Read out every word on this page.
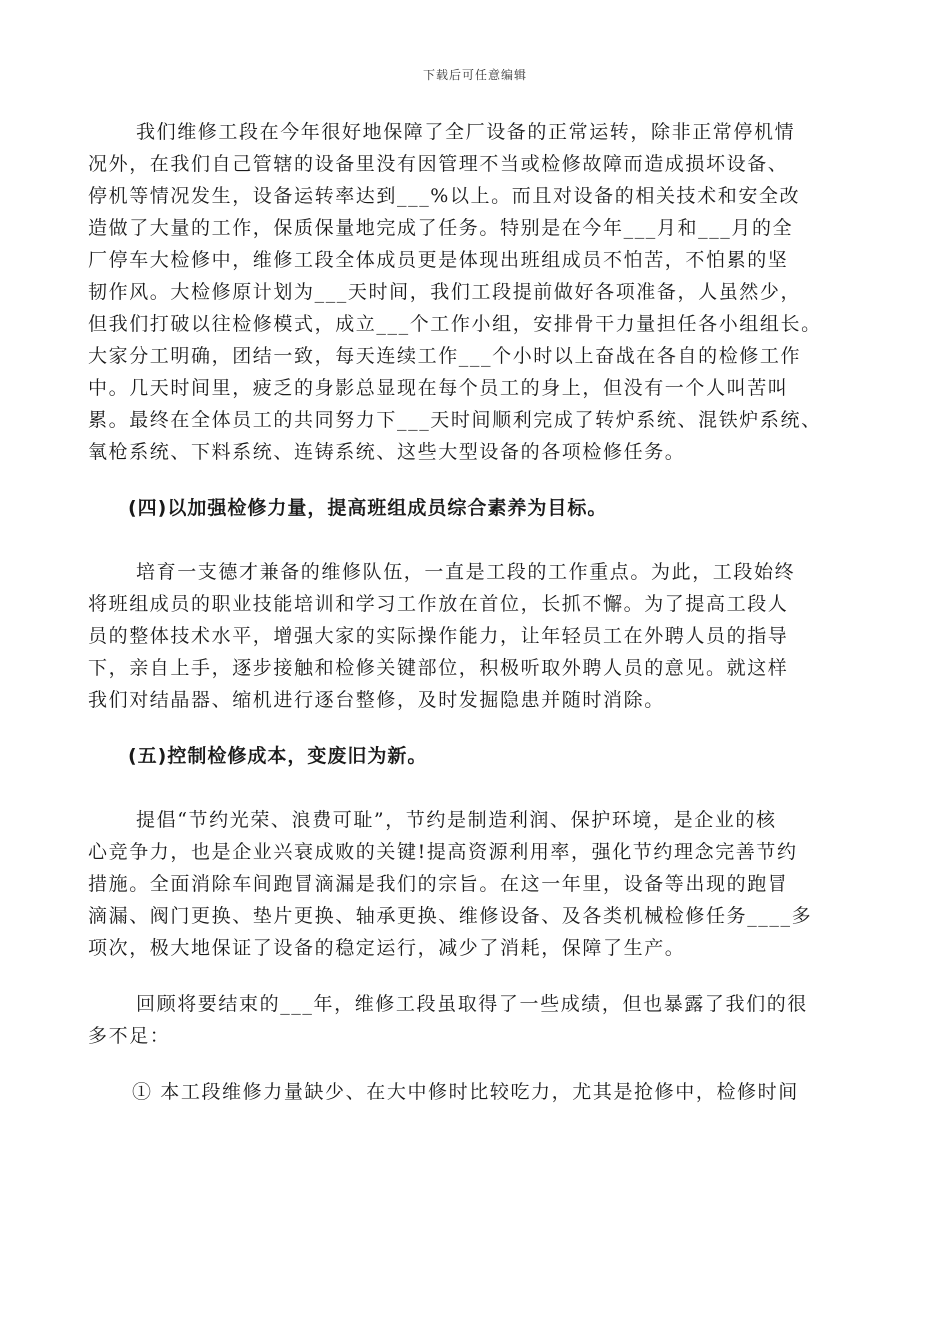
下载后可任意编辑
我们维修工段在今年很好地保障了全厂设备的正常运转，除非正常停机情
况外，在我们自己管辖的设备里没有因管理不当或检修故障而造成损坏设备、
停机等情况发生，设备运转率达到___%以上。而且对设备的相关技术和安全改
造做了大量的工作，保质保量地完成了任务。特别是在今年___月和___月的全
厂停车大检修中，维修工段全体成员更是体现出班组成员不怕苦，不怕累的坚
韧作风。大检修原计划为___天时间，我们工段提前做好各项准备，人虽然少，
但我们打破以往检修模式，成立___个工作小组，安排骨干力量担任各小组组长。
大家分工明确，团结一致，每天连续工作___个小时以上奋战在各自的检修工作
中。几天时间里，疲乏的身影总显现在每个员工的身上，但没有一个人叫苦叫
累。最终在全体员工的共同努力下___天时间顺利完成了转炉系统、混铁炉系统、
氧枪系统、下料系统、连铸系统、这些大型设备的各项检修任务。
(四)以加强检修力量，提高班组成员综合素养为目标。
培育一支德才兼备的维修队伍，一直是工段的工作重点。为此，工段始终
将班组成员的职业技能培训和学习工作放在首位，长抓不懈。为了提高工段人
员的整体技术水平，增强大家的实际操作能力，让年轻员工在外聘人员的指导
下，亲自上手，逐步接触和检修关键部位，积极听取外聘人员的意见。就这样
我们对结晶器、缩机进行逐台整修，及时发掘隐患并随时消除。
(五)控制检修成本，变废旧为新。
提倡“节约光荣、浪费可耻”，节约是制造利润、保护环境，是企业的核
心竞争力，也是企业兴衰成败的关键!提高资源利用率，强化节约理念完善节约
措施。全面消除车间跑冒滴漏是我们的宗旨。在这一年里，设备等出现的跑冒
滴漏、阀门更换、垫片更换、轴承更换、维修设备、及各类机械检修任务____多
项次，极大地保证了设备的稳定运行，减少了消耗，保障了生产。
回顾将要结束的___年，维修工段虽取得了一些成绩，但也暴露了我们的很
多不足：
① 本工段维修力量缺少、在大中修时比较吃力，尤其是抢修中，检修时间
